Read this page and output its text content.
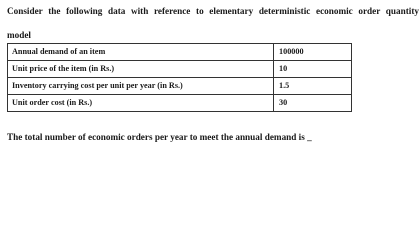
Consider the following data with reference to elementary deterministic economic order quantity

model

Annual demand of an item	100000
Unit price of the item (in Rs.)	10
Inventory carrying cost per unit per year (in Rs.)	1.5
Unit order cost (in Rs.)	30

The total number of economic orders per year to meet the annual demand is _
